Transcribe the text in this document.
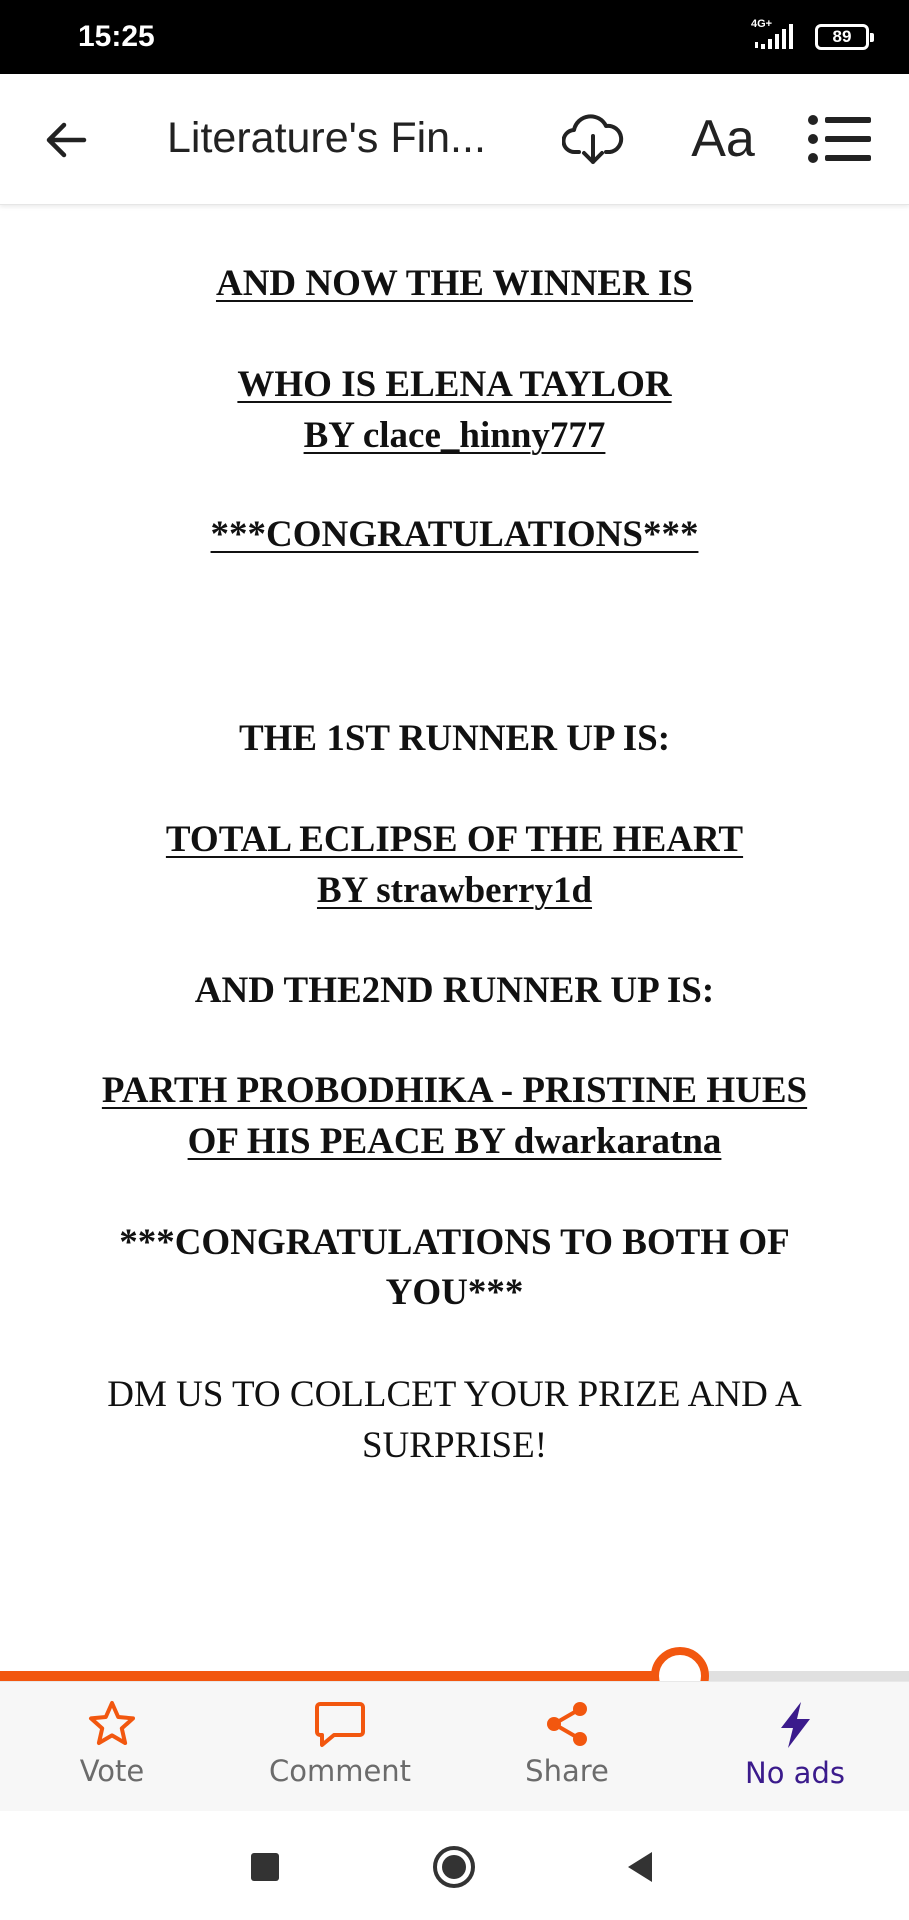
15:25	4G+
89
Literature's Fin...	Aa
AND NOW THE WINNER IS
WHO IS ELENA TAYLOR
BY clace_hinny777
***CONGRATULATIONS***
THE 1ST RUNNER UP IS:
TOTAL ECLIPSE OF THE HEART
BY strawberry1d
AND THE2ND RUNNER UP IS:
PARTH PROBODHIKA - PRISTINE HUES
OF HIS PEACE BY dwarkaratna
***CONGRATULATIONS TO BOTH OF
YOU***
DM US TO COLLCET YOUR PRIZE AND A
SURPRISE!
Vote	Comment	Share	No ads
